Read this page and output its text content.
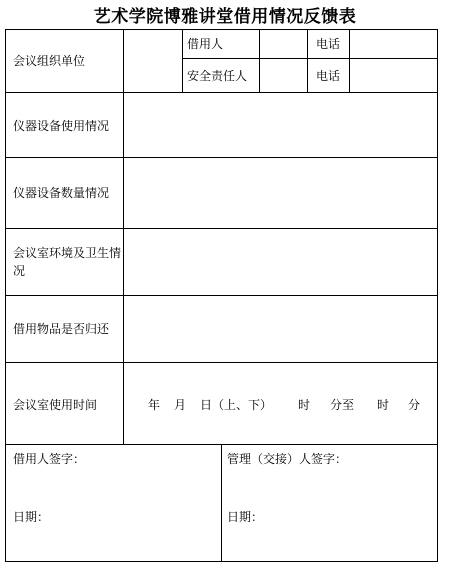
艺术学院博雅讲堂借用情况反馈表
会议组织单位
借用人	电话
安全责任人	电话
仪器设备使用情况
仪器设备数量情况
会议室环境及卫生情况
借用物品是否归还
会议室使用时间	年 月 日（上、下） 时 分至 时 分
借用人签字：	管理（交接）人签字：
日期：	日期：
